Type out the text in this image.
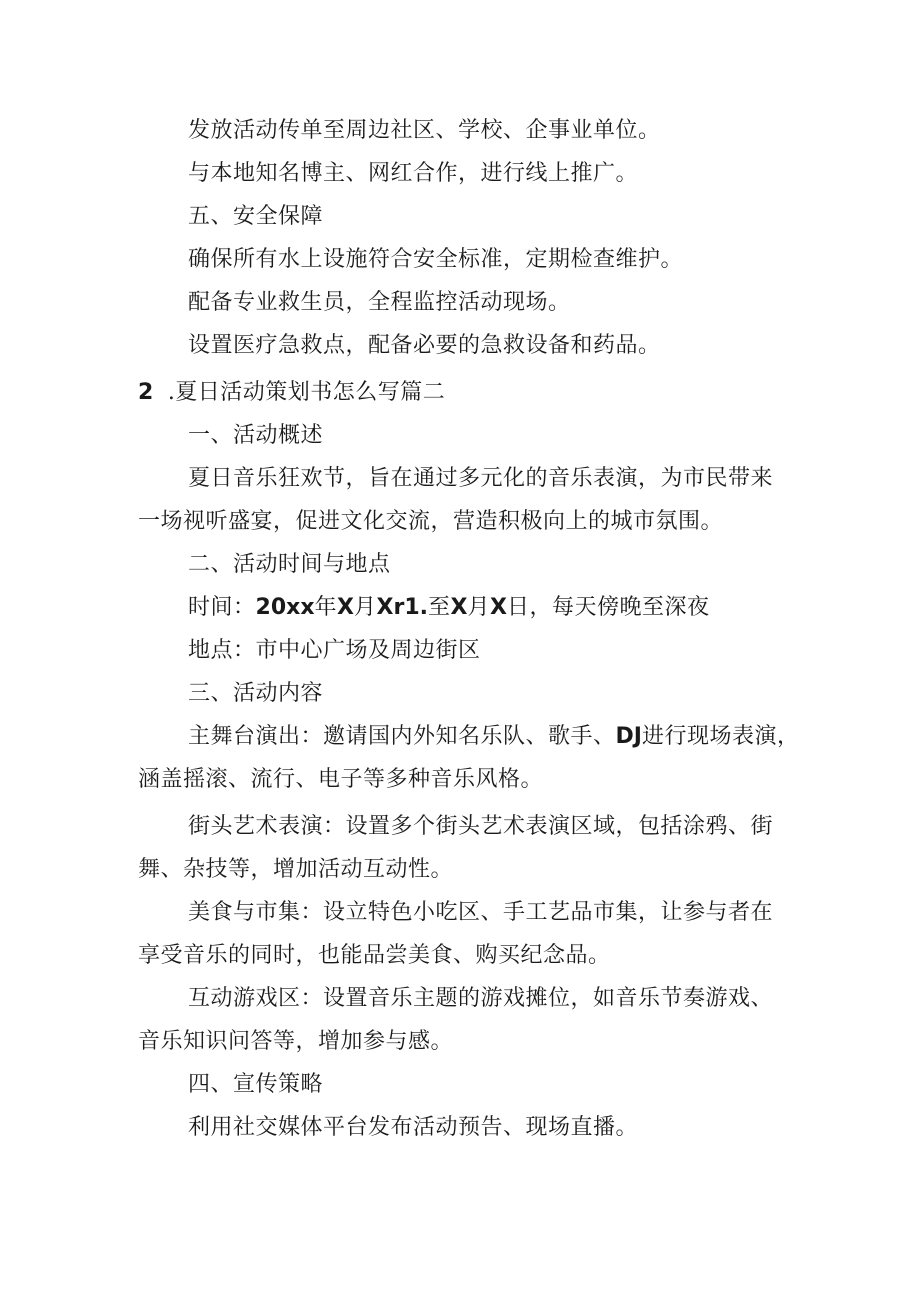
发放活动传单至周边社区、学校、企事业单位。
与本地知名博主、网红合作，进行线上推广。
五、安全保障
确保所有水上设施符合安全标准，定期检查维护。
配备专业救生员，全程监控活动现场。
设置医疗急救点，配备必要的急救设备和药品。
2 .夏日活动策划书怎么写篇二
一、活动概述
夏日音乐狂欢节，旨在通过多元化的音乐表演，为市民带来
一场视听盛宴，促进文化交流，营造积极向上的城市氛围。
二、活动时间与地点
时间：20xx年X月Xr1.至X月X日，每天傍晚至深夜
地点：市中心广场及周边街区
三、活动内容
主舞台演出：邀请国内外知名乐队、歌手、DJ进行现场表演，
涵盖摇滚、流行、电子等多种音乐风格。
街头艺术表演：设置多个街头艺术表演区域，包括涂鸦、街
舞、杂技等，增加活动互动性。
美食与市集：设立特色小吃区、手工艺品市集，让参与者在
享受音乐的同时，也能品尝美食、购买纪念品。
互动游戏区：设置音乐主题的游戏摊位，如音乐节奏游戏、
音乐知识问答等，增加参与感。
四、宣传策略
利用社交媒体平台发布活动预告、现场直播。
